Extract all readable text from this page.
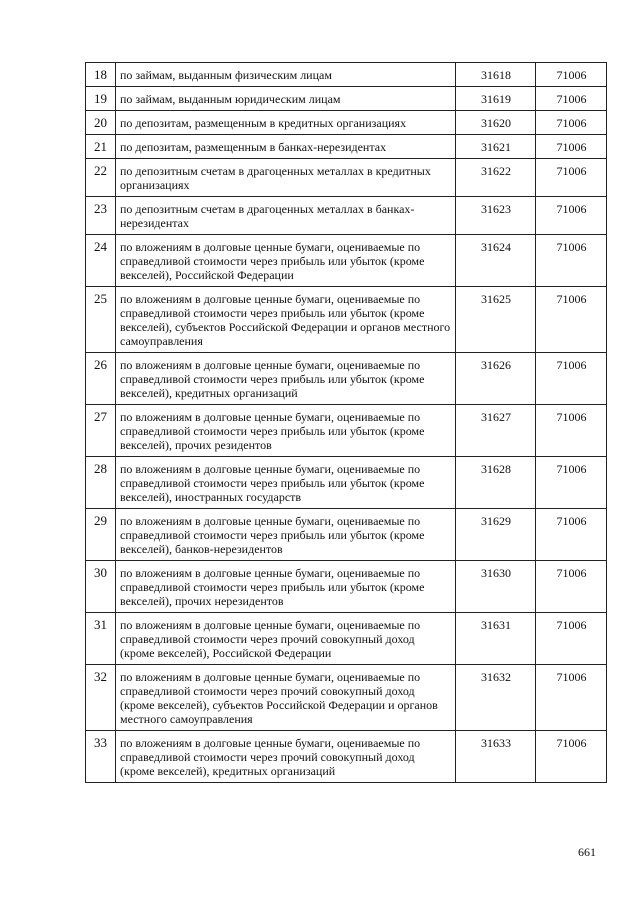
18	по займам, выданным физическим лицам	31618	71006
19	по займам, выданным юридическим лицам	31619	71006
20	по депозитам, размещенным в кредитных организациях	31620	71006
21	по депозитам, размещенным в банках-нерезидентах	31621	71006
22	по депозитным счетам в драгоценных металлах в кредитных организациях	31622	71006
23	по депозитным счетам в драгоценных металлах в банках-нерезидентах	31623	71006
24	по вложениям в долговые ценные бумаги, оцениваемые по справедливой стоимости через прибыль или убыток (кроме векселей), Российской Федерации	31624	71006
25	по вложениям в долговые ценные бумаги, оцениваемые по справедливой стоимости через прибыль или убыток (кроме векселей), субъектов Российской Федерации и органов местного самоуправления	31625	71006
26	по вложениям в долговые ценные бумаги, оцениваемые по справедливой стоимости через прибыль или убыток (кроме векселей), кредитных организаций	31626	71006
27	по вложениям в долговые ценные бумаги, оцениваемые по справедливой стоимости через прибыль или убыток (кроме векселей), прочих резидентов	31627	71006
28	по вложениям в долговые ценные бумаги, оцениваемые по справедливой стоимости через прибыль или убыток (кроме векселей), иностранных государств	31628	71006
29	по вложениям в долговые ценные бумаги, оцениваемые по справедливой стоимости через прибыль или убыток (кроме векселей), банков-нерезидентов	31629	71006
30	по вложениям в долговые ценные бумаги, оцениваемые по справедливой стоимости через прибыль или убыток (кроме векселей), прочих нерезидентов	31630	71006
31	по вложениям в долговые ценные бумаги, оцениваемые по справедливой стоимости через прочий совокупный доход (кроме векселей), Российской Федерации	31631	71006
32	по вложениям в долговые ценные бумаги, оцениваемые по справедливой стоимости через прочий совокупный доход (кроме векселей), субъектов Российской Федерации и органов местного самоуправления	31632	71006
33	по вложениям в долговые ценные бумаги, оцениваемые по справедливой стоимости через прочий совокупный доход (кроме векселей), кредитных организаций	31633	71006
661
